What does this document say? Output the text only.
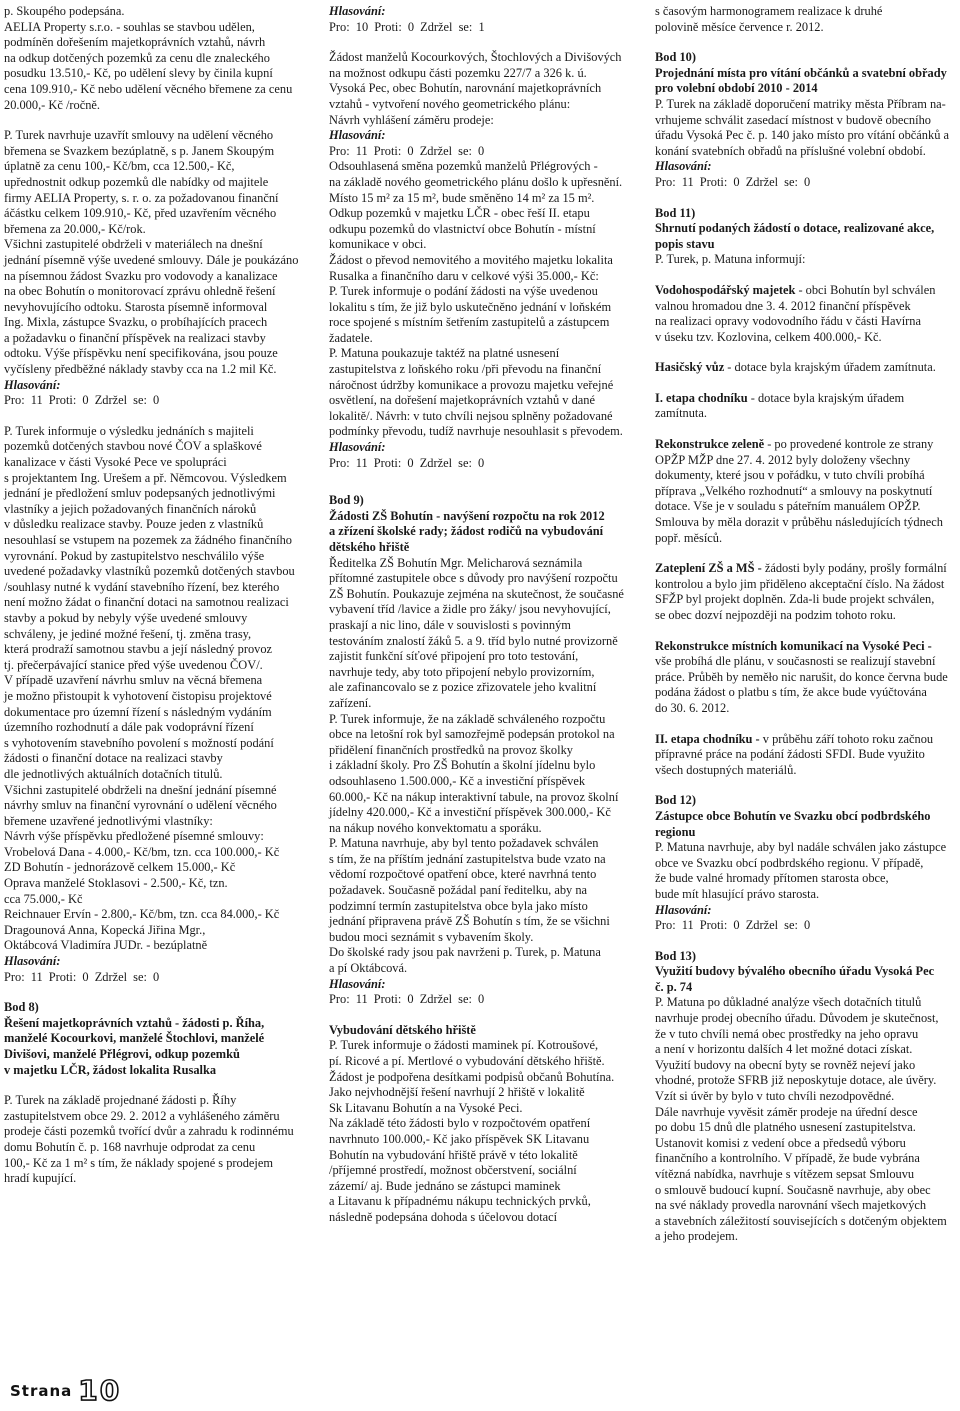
p. Skoupého podepsána.
AELIA Property s.r.o. - souhlas se stavbou udělen,
podmíněn dořešením majetkoprávních vztahů, návrh
na odkup dotčených pozemků za cenu dle znaleckého
posudku 13.510,- Kč, po udělení slevy by činila kupní
cena 109.910,- Kč nebo udělení věcného břemene za cenu
20.000,- Kč /ročně.

P. Turek navrhuje uzavřít smlouvy na udělení věcného
břemena se Svazkem bezúplatně, s p. Janem Skoupým
úplatně za cenu 100,- Kč/bm, cca 12.500,- Kč,
upřednostnit odkup pozemků dle nabídky od majitele
firmy AELIA Property, s. r. o. za požadovanou finanční
áčástku celkem 109.910,- Kč, před uzavřením věcného
břemena za 20.000,- Kč/rok.
Všichni zastupitelé obdrželi v materiálech na dnešní
jednání písemně výše uvedené smlouvy. Dále je poukázáno
na písemnou žádost Svazku pro vodovody a kanalizace
na obec Bohutín o monitorovací zprávu ohledně řešení
nevyhovujícího odtoku. Starosta písemně informoval
Ing. Mixla, zástupce Svazku, o probíhajících pracech
a požadavku o finanční příspěvek na realizaci stavby
odtoku. Výše příspěvku není specifikována, jsou pouze
vyčísleny předběžné náklady stavby cca na 1.2 mil Kč.

Hlasování:

Pro: 11 Proti: 0 Zdržel se: 0

P. Turek informuje o výsledku jednáních s majiteli
pozemků dotčených stavbou nové ČOV a splaškové
kanalizace v části Vysoké Pece ve spolupráci
s projektantem Ing. Urešem a př. Němcovou. Výsledkem
jednání je předložení smluv podepsaných jednotlivými
vlastníky a jejich požadovaných finančních nároků
v důsledku realizace stavby. Pouze jeden z vlastníků
nesouhlasí se vstupem na pozemek za žádného finančního
vyrovnání. Pokud by zastupitelstvo neschválilo výše
uvedené požadavky vlastníků pozemků dotčených stavbou
/souhlasy nutné k vydání stavebního řízení, bez kterého
není možno žádat o finanční dotaci na samotnou realizaci
stavby a pokud by nebyly výše uvedené smlouvy
schváleny, je jediné možné řešení, tj. změna trasy,
která prodraží samotnou stavbu a její následný provoz
tj. přečerpávající stanice před výše uvedenou ČOV/.
V případě uzavření návrhu smluv na věcná břemena
je možno přistoupit k vyhotovení čistopisu projektové
dokumentace pro územní řízení s následným vydáním
územního rozhodnutí a dále pak vodoprávní řízení
s vyhotovením stavebního povolení s možností podání
žádosti o finanční dotace na realizaci stavby
dle jednotlivých aktuálních dotačních titulů.
Všichni zastupitelé obdrželi na dnešní jednání písemné
návrhy smluv na finanční vyrovnání o udělení věcného
břemene uzavřené jednotlivými vlastníky:
Návrh výše příspěvku předložené písemné smlouvy:
Vrobelová Dana - 4.000,- Kč/bm, tzn. cca 100.000,- Kč
ZD Bohutín - jednorázově celkem 15.000,- Kč
Oprava manželé Stoklasovi - 2.500,- Kč, tzn.
cca 75.000,- Kč
Reichnauer Ervín - 2.800,- Kč/bm, tzn. cca 84.000,- Kč
Dragounová Anna, Kopecká Jiřina Mgr.,
Oktábcová Vladimíra JUDr. - bezúplatně

Hlasování:

Pro: 11 Proti: 0 Zdržel se: 0

Bod 8)
Řešení majetkoprávních vztahů - žádosti p. Říha,
manželé Kocourkovi, manželé Štochlovi, manželé
Divišovi, manželé Přlégrovi, odkup pozemků
v majetku LČR, žádost lokalita Rusalka

P. Turek na základě projednané žádosti p. Říhy
zastupitelstvem obce 29. 2. 2012 a vyhlášeného záměru
prodeje části pozemků tvořící dvůr a zahradu k rodinnému
domu Bohutín č. p. 168 navrhuje odprodat za cenu
100,- Kč za 1 m² s tím, že náklady spojené s prodejem
hradí kupující.

Hlasování:

Pro: 10 Proti: 0 Zdržel se: 1

Žádost manželů Kocourkových, Štochlových a Divišových
na možnost odkupu části pozemku 227/7 a 326 k. ú.
Vysoká Pec, obec Bohutín, narovnání majetkoprávních
vztahů - vytvoření nového geometrického plánu:
Návrh vyhlášení záměru prodeje:

Hlasování:

Pro: 11 Proti: 0 Zdržel se: 0

Odsouhlasená směna pozemků manželů Přlégrových -
na základě nového geometrického plánu došlo k upřesnění.
Místo 15 m² za 15 m², bude směněno 14 m² za 15 m².
Odkup pozemků v majetku LČR - obec řeší II. etapu
odkupu pozemků do vlastnictví obce Bohutín - místní
komunikace v obci.
Žádost o převod nemovitého a movitého majetku lokalita
Rusalka a finančního daru v celkové výši 35.000,- Kč:
P. Turek informuje o podání žádosti na výše uvedenou
lokalitu s tím, že již bylo uskutečněno jednání v loňském
roce spojené s místním šetřením zastupitelů a zástupcem
žadatele.
P. Matuna poukazuje taktéž na platné usnesení
zastupitelstva z loňského roku /při převodu na finanční
náročnost údržby komunikace a provozu majetku veřejné
osvětlení, na dořešení majetkoprávních vztahů v dané
lokalitě/. Návrh: v tuto chvíli nejsou splněny požadované
podmínky převodu, tudíž navrhuje nesouhlasit s převodem.

Hlasování:

Pro: 11 Proti: 0 Zdržel se: 0

Bod 9)
Žádosti ZŠ Bohutín - navýšení rozpočtu na rok 2012
a zřízení školské rady; žádost rodičů na vybudování
dětského hřiště

Ředitelka ZŠ Bohutín Mgr. Melicharová seznámila
přítomné zastupitele obce s důvody pro navýšení rozpočtu
ZŠ Bohutín. Poukazuje zejména na skutečnost, že současné
vybavení tříd /lavice a židle pro žáky/ jsou nevyhovující,
praskají a nic lino, dále v souvislosti s povinným
testováním znalostí žáků 5. a 9. tříd bylo nutné provizorně
zajistit funkční síťové připojení pro toto testování,
navrhuje tedy, aby toto připojení nebylo provizorním,
ale zafinancovalo se z pozice zřizovatele jeho kvalitní
zařízení.
P. Turek informuje, že na základě schváleného rozpočtu
obce na letošní rok byl samozřejmě podepsán protokol na
přidělení finančních prostředků na provoz školky
i základní školy. Pro ZŠ Bohutín a školní jídelnu bylo
odsouhlaseno 1.500.000,- Kč a investiční příspěvek
60.000,- Kč na nákup interaktivní tabule, na provoz školní
jídelny 420.000,- Kč a investiční příspěvek 300.000,- Kč
na nákup nového konvektomatu a sporáku.
P. Matuna navrhuje, aby byl tento požadavek schválen
s tím, že na příštím jednání zastupitelstva bude vzato na
vědomí rozpočtové opatření obce, které navrhná tento
požadavek. Současně požádal paní ředitelku, aby na
podzimní termín zastupitelstva obce byla jako místo
jednání připravena právě ZŠ Bohutín s tím, že se všichni
budou moci seznámit s vybavením školy.
Do školské rady jsou pak navrženi p. Turek, p. Matuna
a pí Oktábcová.

Hlasování:

Pro: 11 Proti: 0 Zdržel se: 0

Vybudování dětského hřiště

P. Turek informuje o žádosti maminek pí. Kotroušové,
pí. Ricové a pí. Mertlové o vybudování dětského hřiště.
Žádost je podpořena desítkami podpisů občanů Bohutína.
Jako nejvhodnější řešení navrhují 2 hřiště v lokalitě
Sk Litavanu Bohutín a na Vysoké Peci.
Na základě této žádosti bylo v rozpočtovém opatření
navrhnuto 100.000,- Kč jako příspěvek SK Litavanu
Bohutín na vybudování hřiště právě v této lokalitě
/příjemné prostředí, možnost občerstvení, sociální
zázemí/ aj. Bude jednáno se zástupci maminek
a Litavanu k případnému nákupu technických prvků,
následně podepsána dohoda s účelovou dotací

s časovým harmonogramem realizace k druhé
polovině měsíce července r. 2012.

Bod 10)
Projednání místa pro vítání občánků a svatební obřady
pro volební období 2010 - 2014

P. Turek na základě doporučení matriky města Příbram na-
vrhujeme schválit zasedací místnost v budově obecního
úřadu Vysoká Pec č. p. 140 jako místo pro vítání občánků a
konání svatebních obřadů na příslušné volební období.

Hlasování:

Pro: 11 Proti: 0 Zdržel se: 0

Bod 11)
Shrnutí podaných žádostí o dotace, realizované akce,
popis stavu

P. Turek, p. Matuna informují:

Vodohospodářský majetek - obci Bohutín byl schválen
valnou hromadou dne 3. 4. 2012 finanční příspěvek
na realizaci opravy vodovodního řádu v části Havírna
v úseku tzv. Kozlovina, celkem 400.000,- Kč.

Hasičský vůz - dotace byla krajským úřadem zamítnuta.

I. etapa chodníku - dotace byla krajským úřadem
zamítnuta.

Rekonstrukce zeleně - po provedené kontrole ze strany
OPŽP MŽP dne 27. 4. 2012 byly doloženy všechny
dokumenty, které jsou v pořádku, v tuto chvíli probíhá
příprava „Velkého rozhodnutí“ a smlouvy na poskytnutí
dotace. Vše je v souladu s páteřním manuálem OPŽP.
Smlouva by měla dorazit v průběhu následujících týdnech
popř. měsíců.

Zateplení ZŠ a MŠ - žádosti byly podány, prošly formální
kontrolou a bylo jim přiděleno akceptační číslo. Na žádost
SFŽP byl projekt doplněn. Zda-li bude projekt schválen,
se obec dozví nejpozději na podzim tohoto roku.

Rekonstrukce místních komunikací na Vysoké Peci -
vše probíhá dle plánu, v současnosti se realizují stavební
práce. Průběh by neměło nic narušit, do konce června bude
podána žádost o platbu s tím, že akce bude vyúčtována
do 30. 6. 2012.

II. etapa chodníku - v průběhu září tohoto roku začnou
přípravné práce na podání žádosti SFDI. Bude využito
všech dostupných materiálů.

Bod 12)
Zástupce obce Bohutín ve Svazku obcí podbrdského
regionu

P. Matuna navrhuje, aby byl nadále schválen jako zástupce
obce ve Svazku obcí podbrdského regionu. V případě,
že bude valné hromady přítomen starosta obce,
bude mít hlasující právo starosta.

Hlasování:

Pro: 11 Proti: 0 Zdržel se: 0

Bod 13)
Využití budovy bývalého obecního úřadu Vysoká Pec
č. p. 74

P. Matuna po důkladné analýze všech dotačních titulů
navrhuje prodej obecního úřadu. Důvodem je skutečnost,
že v tuto chvíli nemá obec prostředky na jeho opravu
a není v horizontu dalších 4 let možné dotaci získat.
Využití budovy na obecní byty se rovněž nejeví jako
vhodné, protože SFRB již neposkytuje dotace, ale úvěry.
Vzít si úvěr by bylo v tuto chvíli nezodpovědné.
Dále navrhuje vyvěsit záměr prodeje na úřední desce
po dobu 15 dnů dle platného usnesení zastupitelstva.
Ustanovit komisi z vedení obce a předsedů výboru
finančního a kontrolního. V případě, že bude vybrána
vítězná nabídka, navrhuje s vítězem sepsat Smlouvu
o smlouvě budoucí kupní. Současně navrhuje, aby obec
na své náklady provedla narovnání všech majetkových
a stavebních záležitostí souvisejících s dotčeným objektem
a jeho prodejem.

Strana 10
